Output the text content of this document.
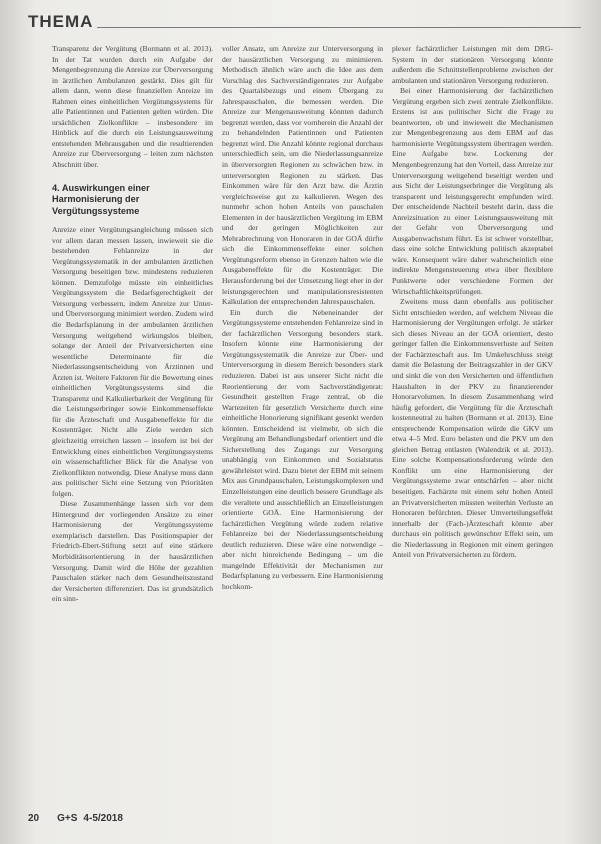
THEMA

Transparenz der Vergütung (Bormann et al. 2013). In der Tat wurden durch ein Aufgabe der Mengenbegrenzung die Anreize zur Überversorgung in ärztlichen Ambulanzen gestärkt. Dies gilt für allem dann, wenn diese finanziellen Anreize im Rahmen eines einheitlichen Vergütungssystems für alle Patientinnen und Patienten gelten würden. Die ursächlichen Zielkonflikte – insbesondere im Hinblick auf die durch ein Leistungsausweitung entstehenden Mehrausgaben und die resultierenden Anreize zur Überversorgung – leiten zum nächsten Abschnitt über.

4. Auswirkungen einer Harmonisierung der Vergütungssysteme

Anreize einer Vergütungsangleichung müssen sich vor allem daran messen lassen, inwieweit sie die bestehenden Fehlanreize in der Vergütungssystematik in der ambulanten ärztlichen Versorgung beseitigen bzw. mindestens reduzieren können. Demzufolge müsste ein einheitliches Vergütungssystem die Bedarfsgerechtigkeit der Versorgung verbessern, indem Anreize zur Unter- und Überversorgung minimiert werden. Zudem wird die Bedarfsplanung in der ambulanten ärztlichen Versorgung weitgehend wirkungslos bleiben, solange der Anteil der Privatversicherten eine wesentliche Determinante für die Niederlassungsentscheidung von Ärztinnen und Ärzten ist. Weitere Faktoren für die Bewertung eines einheitlichen Vergütungssystems sind die Transparenz und Kalkulierbarkeit der Vergütung für die Leistungserbringer sowie Einkommenseffekte für die Ärzteschaft und Ausgabeneffekte für die Kostenträger. Nicht alle Ziele werden sich gleichzeitig erreichen lassen – insofern ist bei der Entwicklung eines einheitlichen Vergütungssystems ein wissenschaftlicher Blick für die Analyse von Zielkonflikten notwendig. Diese Analyse muss dann aus politischer Sicht eine Setzung von Prioritäten folgen.

Diese Zusammenhänge lassen sich vor dem Hintergrund der vorliegenden Ansätze zu einer Harmonisierung der Vergütungssysteme exemplarisch darstellen. Das Positionspapier der Friedrich-Ebert-Stiftung setzt auf eine stärkere Morbiditätsorientierung in der hausärztlichen Versorgung. Damit wird die Höhe der gezahlten Pauschalen stärker nach dem Gesundheitszustand der Versicherten differenziert. Das ist grundsätzlich ein sinn-

voller Ansatz, um Anreize zur Unterversorgung in der hausärztlichen Versorgung zu minimieren. Methodisch ähnlich wäre auch die Idee aus dem Vorschlag des Sachverständigenrates zur Aufgabe des Quartalsbezugs und einem Übergang zu Jahrespauschalen, die bemessen werden. Die Anreize zur Mengenausweitung könnten dadurch begrenzt werden, dass vor vornherein die Anzahl der zu behandelnden Patientinnen und Patienten begrenzt wird. Die Anzahl könnte regional durchaus unterschiedlich sein, um die Niederlassungsanreize in überversorgten Regionen zu schwächen bzw. in unterversorgten Regionen zu stärken. Das Einkommen wäre für den Arzt bzw. die Ärztin vergleichsweise gut zu kalkulieren. Wegen des nunmehr schon hohen Anteils von pauschalen Elementen in der hausärztlichen Vergütung im EBM und der geringen Möglichkeiten zur Mehrabrechnung von Honoraren in der GOÄ dürfte sich die Einkommenseffekte einer solchen Vergütungsreform ebenso in Grenzen halten wie die Ausgabeneffekte für die Kostenträger. Die Herausforderung bei der Umsetzung liegt eher in der leistungsgerechten und manipulationsresistenten Kalkulation der entsprechenden Jahrespauschalen.

Ein durch die Nebeneinander der Vergütungssysteme entstehenden Fehlanreize sind in der fachärztlichen Versorgung besonders stark. Insofern könnte eine Harmonisierung der Vergütungssystematik die Anreize zur Über- und Unterversorgung in diesem Bereich besonders stark reduzieren. Dabei ist aus unserer Sicht nicht die Reorientierung der vom Sachverständigenrat: Gesundheit gestellten Frage zentral, ob die Wartezeiten für gesetzlich Versicherte durch eine einheitliche Honorierung signifikant gesenkt werden könnten. Entscheidend ist vielmehr, ob sich die Vergütung am Behandlungsbedarf orientiert und die Sicherstellung des Zugangs zur Versorgung unabhängig von Einkommen und Sozialstatus gewährleistet wird. Dazu bietet der EBM mit seinem Mix aus Grundpauschalen, Leistungskomplexen und Einzelleistungen eine deutlich bessere Grundlage als die veraltete und ausschließlich an Einzelleistungen orientierte GOÄ. Eine Harmonisierung der fachärztlichen Vergütung würde zudem relative Fehlanreize bei der Niederlassungsentscheidung deutlich reduzieren. Diese wäre eine notwendige – aber nicht hinreichende Bedingung – um die mangelnde Effektivität der Mechanismen zur Bedarfsplanung zu verbessern. Eine Harmonisierung hochkom-

plexer fachärztlicher Leistungen mit dem DRG-System in der stationären Versorgung könnte außerdem die Schnittstellenprobleme zwischen der ambulanten und stationären Versorgung reduzieren.

Bei einer Harmonisierung der fachärztlichen Vergütung ergeben sich zwei zentrale Zielkonflikte. Erstens ist aus politischer Sicht die Frage zu beantworten, ob und inwieweit die Mechanismen zur Mengenbegrenzung aus dem EBM auf das harmonisierte Vergütungssystem übertragen werden. Eine Aufgabe bzw. Lockerung der Mengenbegrenzung hat den Vorteil, dass Anreize zur Unterversorgung weitgehend beseitigt werden und aus Sicht der Leistungserbringer die Vergütung als transparent und leistungsgerecht empfunden wird. Der entscheidende Nachteil besteht darin, dass die Anreizsituation zu einer Leistungsausweitung mit der Gefahr von Überversorgung und Ausgabenwachstum führt. Es ist schwer vorstellbar, dass eine solche Entwicklung politisch akzeptabel wäre. Konsequent wäre daher wahrscheinlich eine indirekte Mengensteuerung etwa über flexiblere Punktwerte oder verschiedene Formen der Wirtschaftlichkeitsprüfungen.

Zweitens muss dann ebenfalls aus politischer Sicht entschieden werden, auf welchem Niveau die Harmonisierung der Vergütungen erfolgt. Je stärker sich dieses Niveau an der GOÄ orientiert, desto geringer fallen die Einkommensverluste auf Seiten der Fachärzteschaft aus. Im Umkehrschluss steigt damit die Belastung der Beitragszahler in der GKV und sinkt die von den Versicherten und öffentlichen Haushalten in der PKV zu finanzierender Honorarvolumen. In diesem Zusammenhang wird häufig gefordert, die Vergütung für die Ärzteschaft kostenneutral zu halten (Bormann et al. 2013). Eine entsprechende Kompensation würde die GKV um etwa 4–5 Mrd. Euro belasten und die PKV um den gleichen Betrag entlasten (Walendzik et al. 2013). Eine solche Kompensationsforderung würde den Konflikt um eine Harmonisierung der Vergütungssysteme zwar entschärfen – aber nicht beseitigen. Fachärzte mit einem sehr hohen Anteil an Privatversicherten müssten weiterhin Verluste an Honoraren befürchten. Dieser Umverteilungseffekt innerhalb der (Fach-)Ärzteschaft könnte aber durchaus ein politisch gewünschter Effekt sein, um die Niederlassung in Regionen mit einem geringen Anteil von Privatversicherten zu fördern.

20 G+S 4-5/2018
